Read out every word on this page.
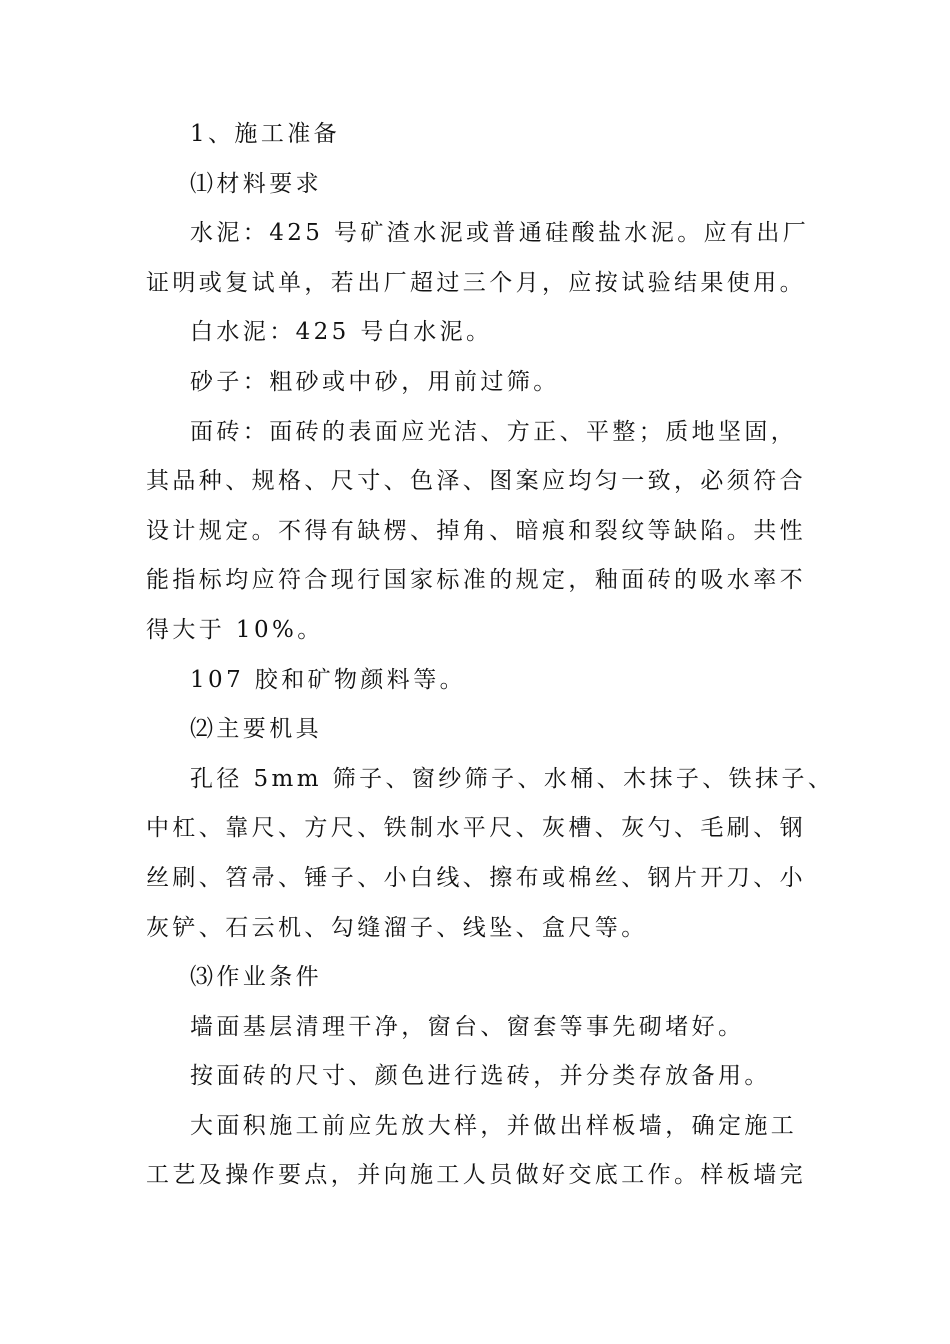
1、施工准备
⑴材料要求
水泥：425 号矿渣水泥或普通硅酸盐水泥。应有出厂
证明或复试单，若出厂超过三个月，应按试验结果使用。
白水泥：425 号白水泥。
砂子：粗砂或中砂，用前过筛。
面砖：面砖的表面应光洁、方正、平整；质地坚固，
其品种、规格、尺寸、色泽、图案应均匀一致，必须符合
设计规定。不得有缺楞、掉角、暗痕和裂纹等缺陷。共性
能指标均应符合现行国家标准的规定，釉面砖的吸水率不
得大于 10%。
107 胶和矿物颜料等。
⑵主要机具
孔径 5mm 筛子、窗纱筛子、水桶、木抹子、铁抹子、
中杠、靠尺、方尺、铁制水平尺、灰槽、灰勺、毛刷、钢
丝刷、笤帚、锤子、小白线、擦布或棉丝、钢片开刀、小
灰铲、石云机、勾缝溜子、线坠、盒尺等。
⑶作业条件
墙面基层清理干净，窗台、窗套等事先砌堵好。
按面砖的尺寸、颜色进行选砖，并分类存放备用。
大面积施工前应先放大样，并做出样板墙，确定施工
工艺及操作要点，并向施工人员做好交底工作。样板墙完
